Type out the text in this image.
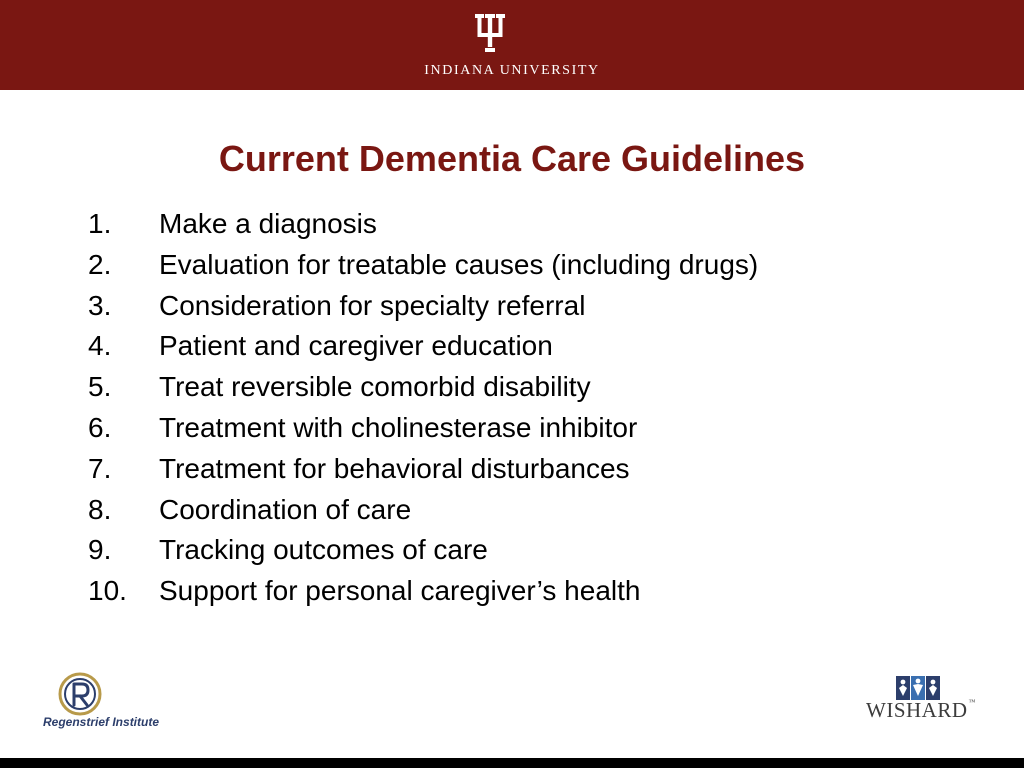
INDIANA UNIVERSITY
Current Dementia Care Guidelines
1. Make a diagnosis
2. Evaluation for treatable causes (including drugs)
3. Consideration for specialty referral
4. Patient and caregiver education
5. Treat reversible comorbid disability
6. Treatment with cholinesterase inhibitor
7. Treatment for behavioral disturbances
8. Coordination of care
9. Tracking outcomes of care
10. Support for personal caregiver’s health
Regenstrief Institute	WISHARD™
